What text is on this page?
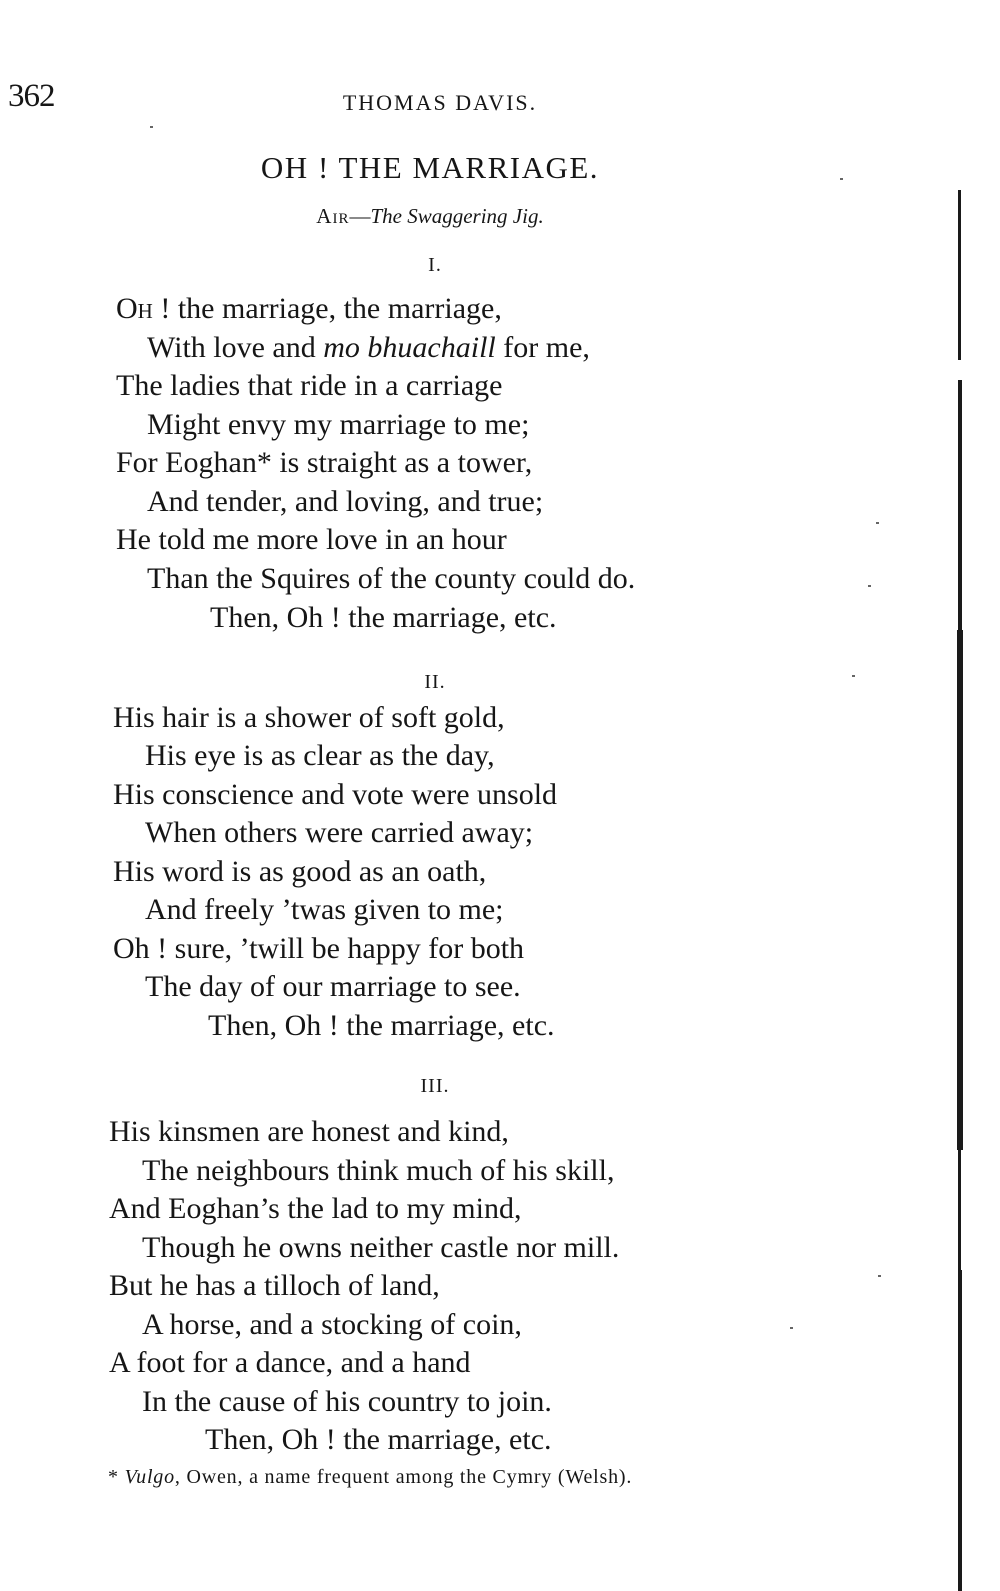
362	THOMAS DAVIS.
OH ! THE MARRIAGE.
Air—The Swaggering Jig.
I.
Oh ! the marriage, the marriage,
With love and mo bhuachaill for me,
The ladies that ride in a carriage
Might envy my marriage to me;
For Eoghan* is straight as a tower,
And tender, and loving, and true;
He told me more love in an hour
Than the Squires of the county could do.
Then, Oh ! the marriage, etc.
II.
His hair is a shower of soft gold,
His eye is as clear as the day,
His conscience and vote were unsold
When others were carried away;
His word is as good as an oath,
And freely ’twas given to me;
Oh ! sure, ’twill be happy for both
The day of our marriage to see.
Then, Oh ! the marriage, etc.
III.
His kinsmen are honest and kind,
The neighbours think much of his skill,
And Eoghan’s the lad to my mind,
Though he owns neither castle nor mill.
But he has a tilloch of land,
A horse, and a stocking of coin,
A foot for a dance, and a hand
In the cause of his country to join.
Then, Oh ! the marriage, etc.
* Vulgo, Owen, a name frequent among the Cymry (Welsh).
